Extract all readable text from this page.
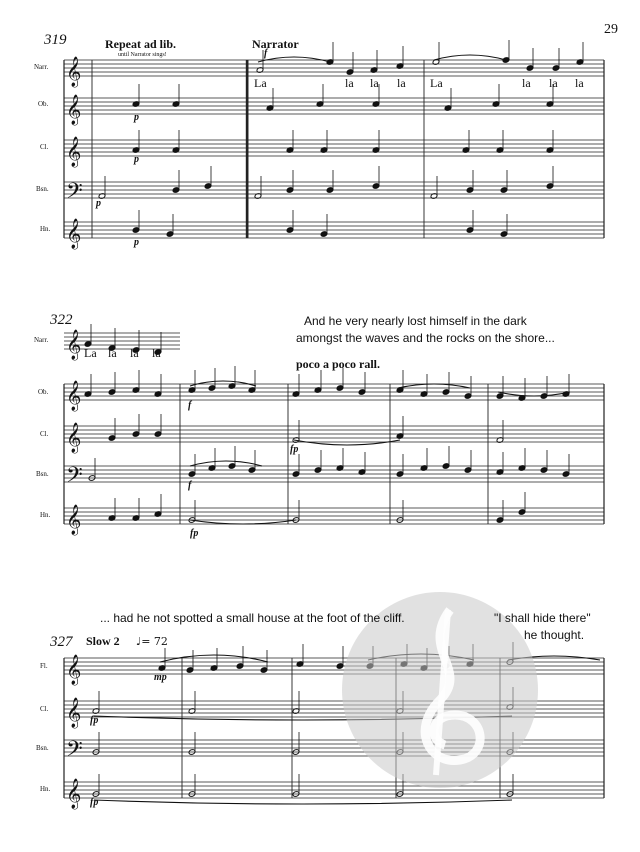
29
𝄞
𝄞
𝄞
𝄢
𝄞
𝄞
𝄞
𝄞
𝄢
𝄞
𝄞
𝄞
𝄢
𝄞
319	Repeat ad lib.
until Narrator sings!
Narrator
Narr.
Ob.
Cl.
Bsn.
Hn.
La	la la la La	la la la
f
p
p
p
p
322	And he very nearly lost himself in the dark
amongst the waves and the rocks on the shore...
poco a poco rall.
Narr.
Ob.
Cl.
Bsn.
Hn.
La la la la
f
fp
f
fp
... had he not spotted a small house at the foot of the cliff.	"I shall hide there"
he thought.
327 Slow 2 ♩= 72
Fl.
Cl.
Bsn.
Hn.
mp
fp
fp
